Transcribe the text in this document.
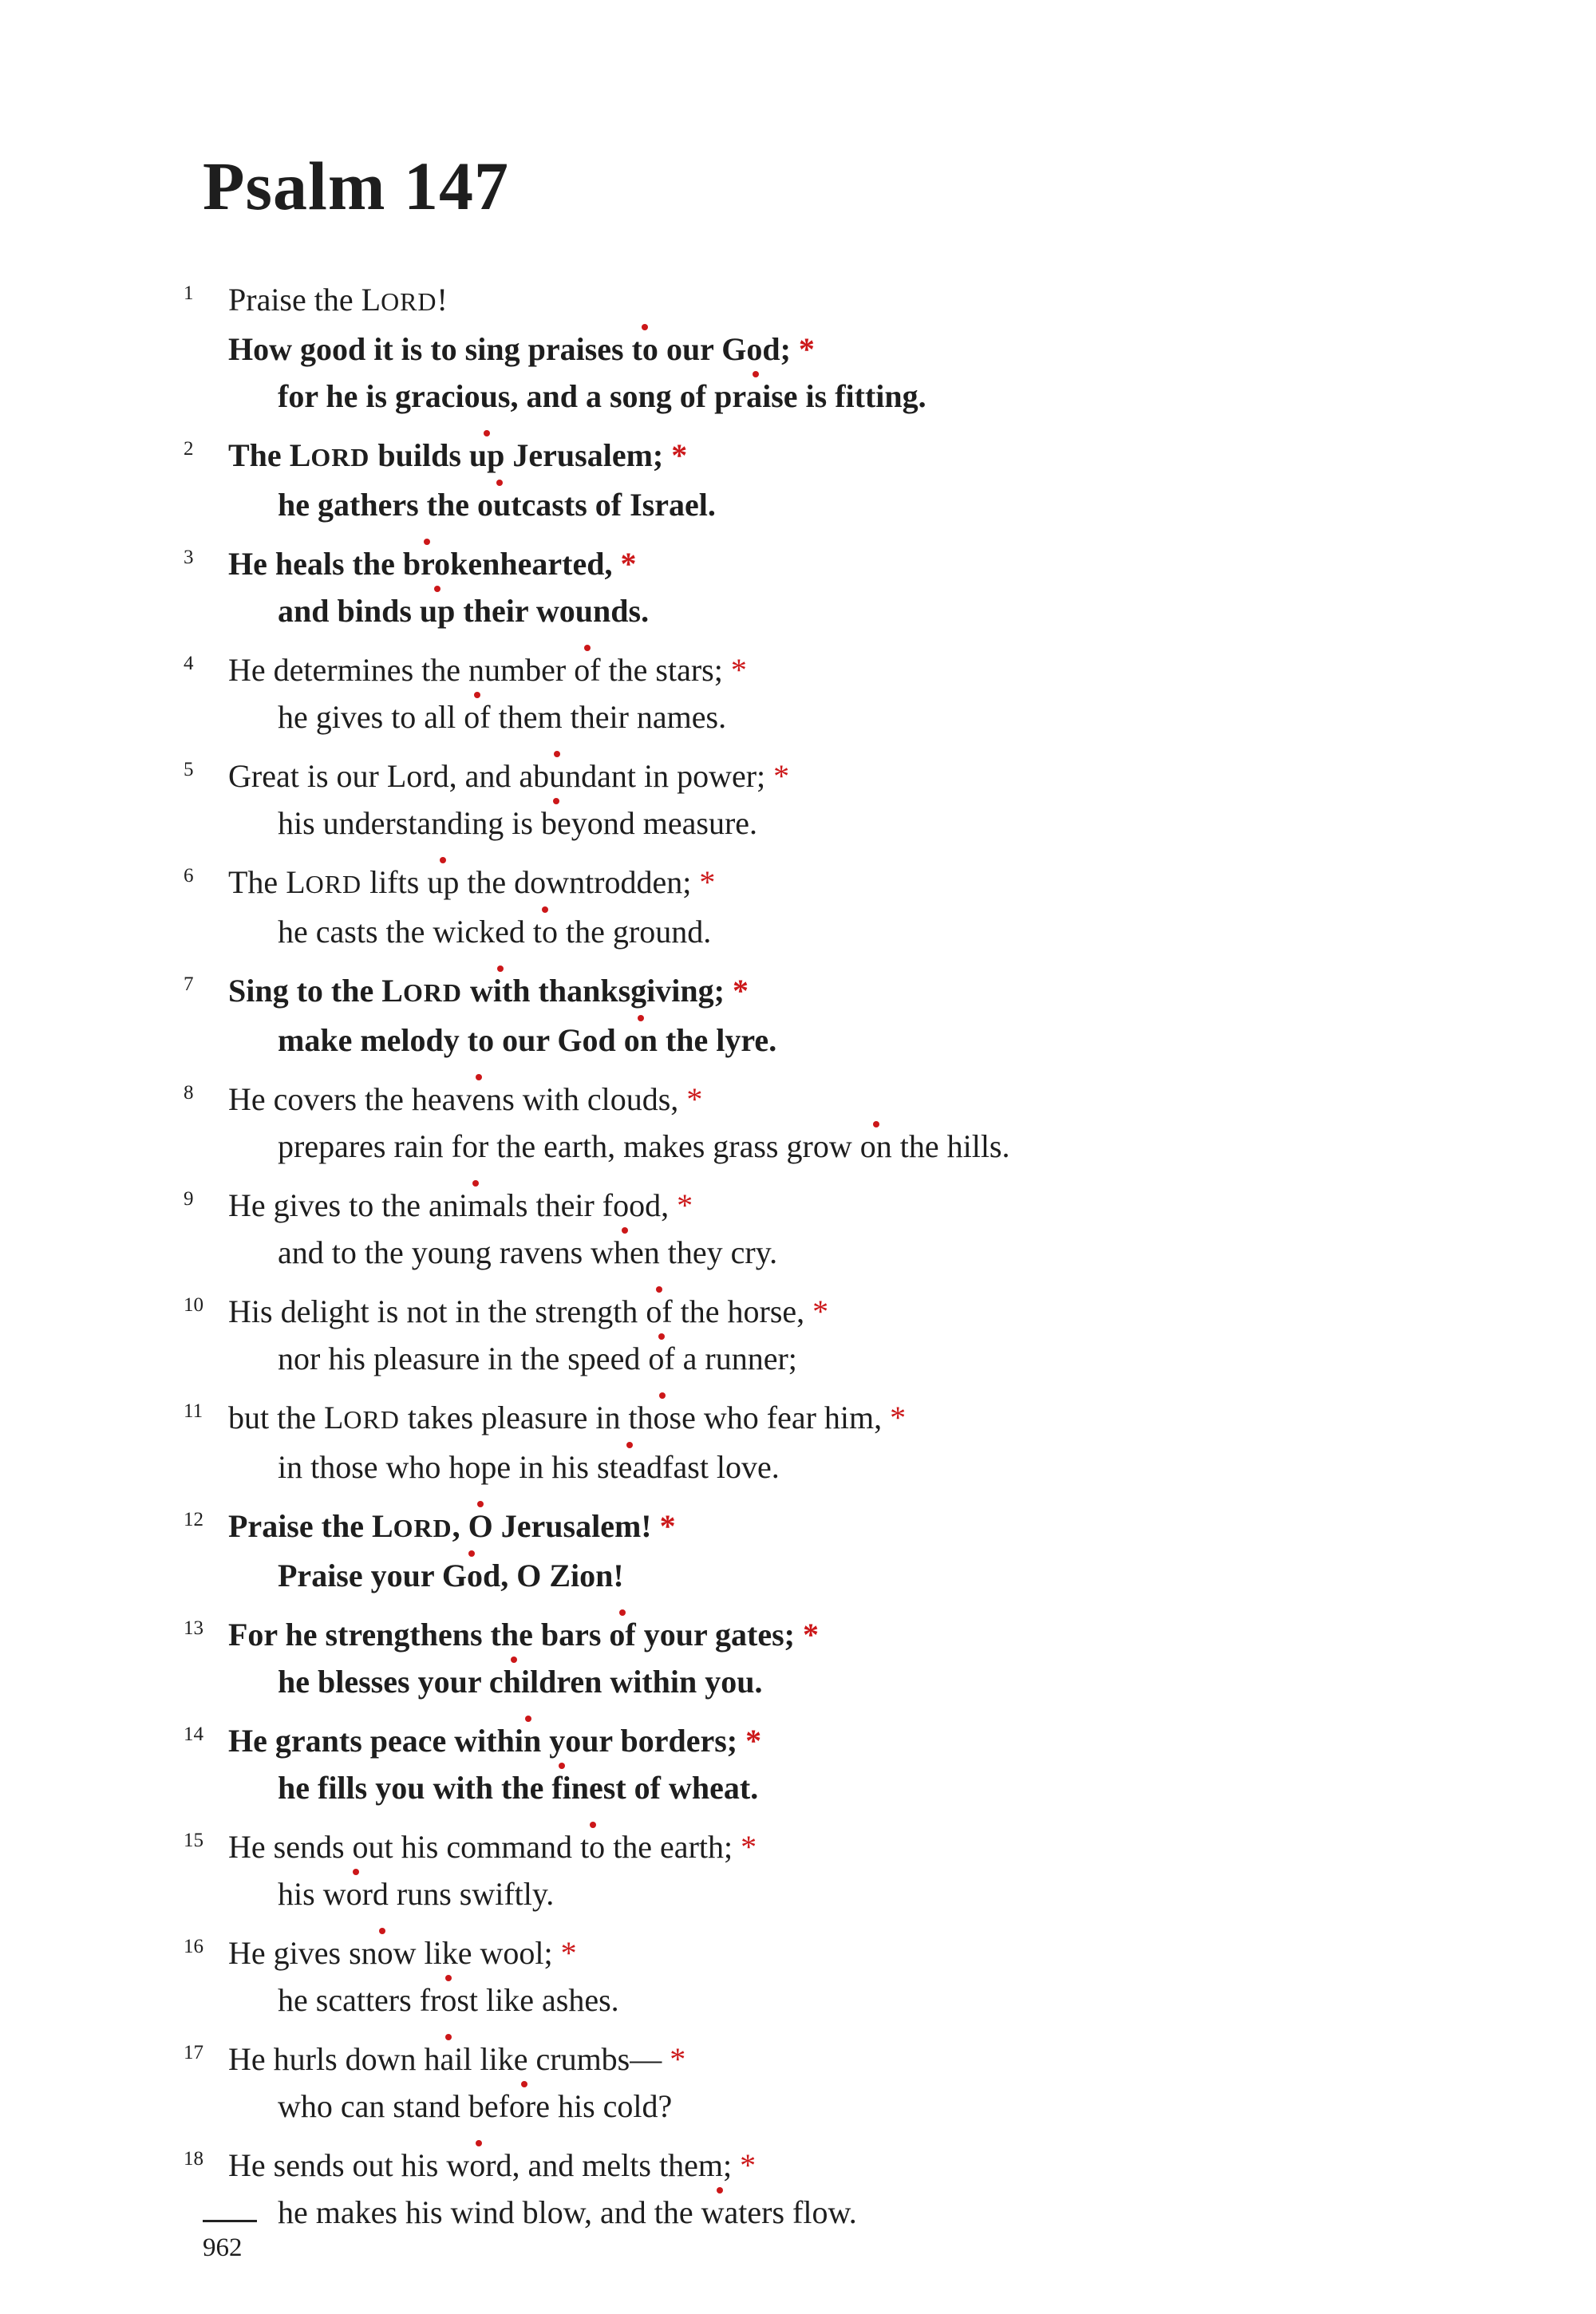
Psalm 147
1 Praise the LORD!
How good it is to sing praises to our God; *
for he is gracious, and a song of praise is fitting.
2 The LORD builds up Jerusalem; *
he gathers the outcasts of Israel.
3 He heals the brokenhearted, *
and binds up their wounds.
4 He determines the number of the stars; *
he gives to all of them their names.
5 Great is our Lord, and abundant in power; *
his understanding is beyond measure.
6 The LORD lifts up the downtrodden; *
he casts the wicked to the ground.
7 Sing to the LORD with thanksgiving; *
make melody to our God on the lyre.
8 He covers the heavens with clouds, *
prepares rain for the earth, makes grass grow on the hills.
9 He gives to the animals their food, *
and to the young ravens when they cry.
10 His delight is not in the strength of the horse, *
nor his pleasure in the speed of a runner;
11 but the LORD takes pleasure in those who fear him, *
in those who hope in his steadfast love.
12 Praise the LORD, O Jerusalem! *
Praise your God, O Zion!
13 For he strengthens the bars of your gates; *
he blesses your children within you.
14 He grants peace within your borders; *
he fills you with the finest of wheat.
15 He sends out his command to the earth; *
his word runs swiftly.
16 He gives snow like wool; *
he scatters frost like ashes.
17 He hurls down hail like crumbs— *
who can stand before his cold?
18 He sends out his word, and melts them; *
he makes his wind blow, and the waters flow.
962
